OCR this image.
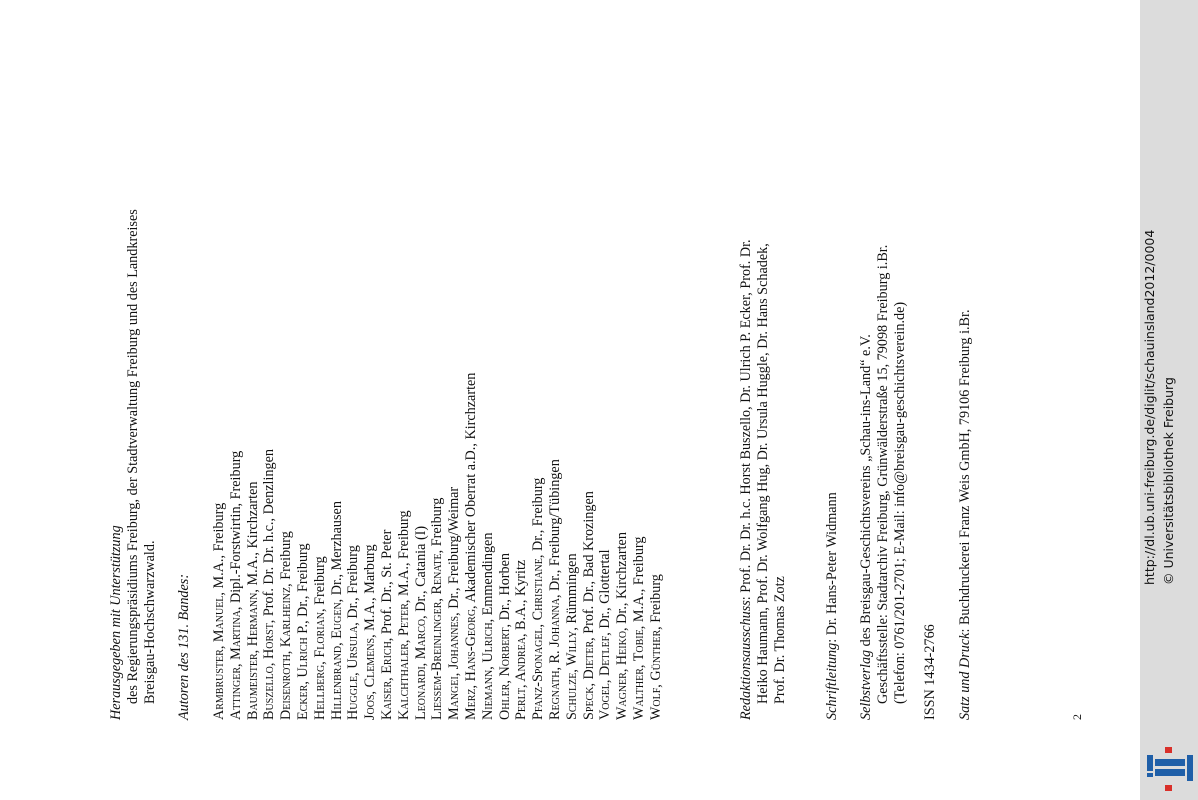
Herausgegeben mit Unterstützung des Regierungspräsidiums Freiburg, der Stadtverwaltung Freiburg und des Landkreises Breisgau-Hochschwarzwald. Autoren des 131. Bandes: Armbruster, Manuel, M.A., Freiburg
Attinger, Martina, Dipl.-Forstwirtin, Freiburg
Baumeister, Hermann, M.A., Kirchzarten
Buszello, Horst, Prof. Dr. Dr. h.c., Denzlingen
Deisenroth, Karlheinz, Freiburg
Ecker, Ulrich P., Dr., Freiburg
Hellberg, Florian, Freiburg
Hillenbrand, Eugen, Dr., Merzhausen
Huggle, Ursula, Dr., Freiburg
Joos, Clemens, M.A., Marburg
Kaiser, Erich, Prof. Dr., St. Peter
Kalchthaler, Peter, M.A., Freiburg
Leonardi, Marco, Dr., Catania (I) Liessem-Breinlinger, Renate, Freiburg
Mangei, Johannes, Dr., Freiburg/Weimar
Merz, Hans-Georg, Akademischer Oberrat a.D., Kirchzarten
Niemann, Ulrich, Emmendingen
Ohler, Norbert, Dr., Horben
Perlt, Andrea, B.A., Kyritz Pfanz-Sponagel, Christiane, Dr., Freiburg
Regnath, R. Johanna, Dr., Freiburg/Tübingen
Schulze, Willy, Rümmingen
Speck, Dieter, Prof. Dr., Bad Krozingen
Vogel, Detlef, Dr., Glottertal
Wagner, Heiko, Dr., Kirchzarten
Walther, Tobie, M.A., Freiburg
Wolf, Günther, Freiburg	Redaktionsausschuss: Prof. Dr. Dr. h.c. Horst Buszello, Dr. Ulrich P. Ecker, Prof. Dr. Heiko Haumann, Prof. Dr. Wolfgang Hug, Dr. Ursula Huggle, Dr. Hans Schadek, Prof. Dr. Thomas Zotz	Schriftleitung: Dr. Hans-Peter Widmann
Selbstverlag des Breisgau-Geschichtsvereins „Schau-ins-Land“ e.V. Geschäftsstelle: Stadtarchiv Freiburg, Grünwälderstraße 15, 79098 Freiburg i.Br. (Telefon: 0761/201-2701; E-Mail: info@breisgau-geschichtsverein.de) ISSN 1434-2766 Satz und Druck: Buchdruckerei Franz Weis GmbH, 79106 Freiburg i.Br.
2
http://dl.ub.uni-freiburg.de/diglit/schauinsland2012/0004 © Universitätsbibliothek Freiburg
